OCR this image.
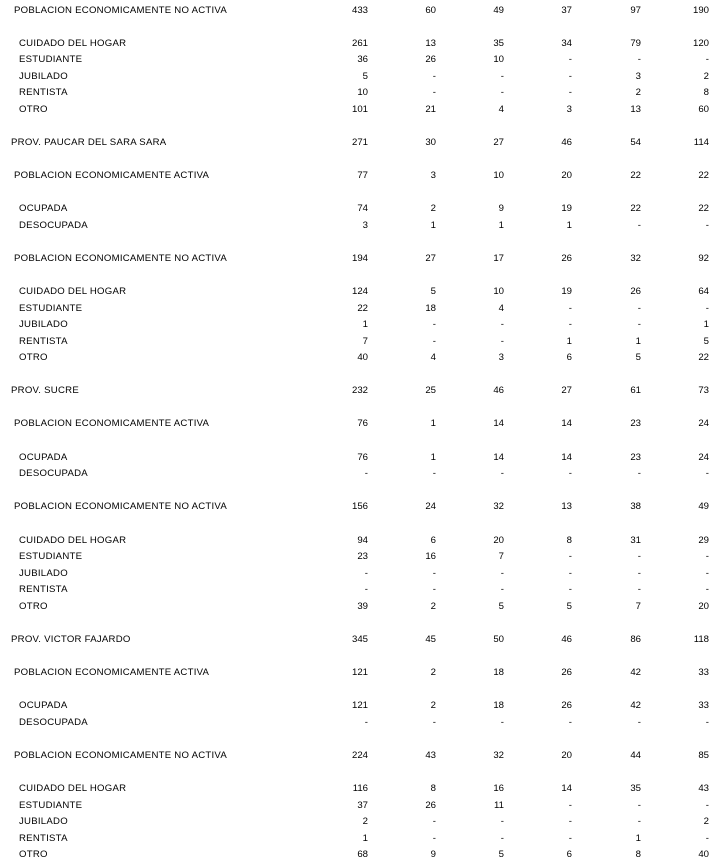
POBLACION ECONOMICAMENTE NO ACTIVA	433	60	49	37	97	190
CUIDADO DEL HOGAR	261	13	35	34	79	120
ESTUDIANTE	36	26	10	-	-	-
JUBILADO	5	-	-	-	3	2
RENTISTA	10	-	-	-	2	8
OTRO	101	21	4	3	13	60
PROV. PAUCAR DEL SARA SARA	271	30	27	46	54	114
POBLACION ECONOMICAMENTE ACTIVA	77	3	10	20	22	22
OCUPADA	74	2	9	19	22	22
DESOCUPADA	3	1	1	1	-	-
POBLACION ECONOMICAMENTE NO ACTIVA	194	27	17	26	32	92
CUIDADO DEL HOGAR	124	5	10	19	26	64
ESTUDIANTE	22	18	4	-	-	-
JUBILADO	1	-	-	-	-	1
RENTISTA	7	-	-	1	1	5
OTRO	40	4	3	6	5	22
PROV. SUCRE	232	25	46	27	61	73
POBLACION ECONOMICAMENTE ACTIVA	76	1	14	14	23	24
OCUPADA	76	1	14	14	23	24
DESOCUPADA	-	-	-	-	-	-
POBLACION ECONOMICAMENTE NO ACTIVA	156	24	32	13	38	49
CUIDADO DEL HOGAR	94	6	20	8	31	29
ESTUDIANTE	23	16	7	-	-	-
JUBILADO	-	-	-	-	-	-
RENTISTA	-	-	-	-	-	-
OTRO	39	2	5	5	7	20
PROV. VICTOR FAJARDO	345	45	50	46	86	118
POBLACION ECONOMICAMENTE ACTIVA	121	2	18	26	42	33
OCUPADA	121	2	18	26	42	33
DESOCUPADA	-	-	-	-	-	-
POBLACION ECONOMICAMENTE NO ACTIVA	224	43	32	20	44	85
CUIDADO DEL HOGAR	116	8	16	14	35	43
ESTUDIANTE	37	26	11	-	-	-
JUBILADO	2	-	-	-	-	2
RENTISTA	1	-	-	-	1	-
OTRO	68	9	5	6	8	40
